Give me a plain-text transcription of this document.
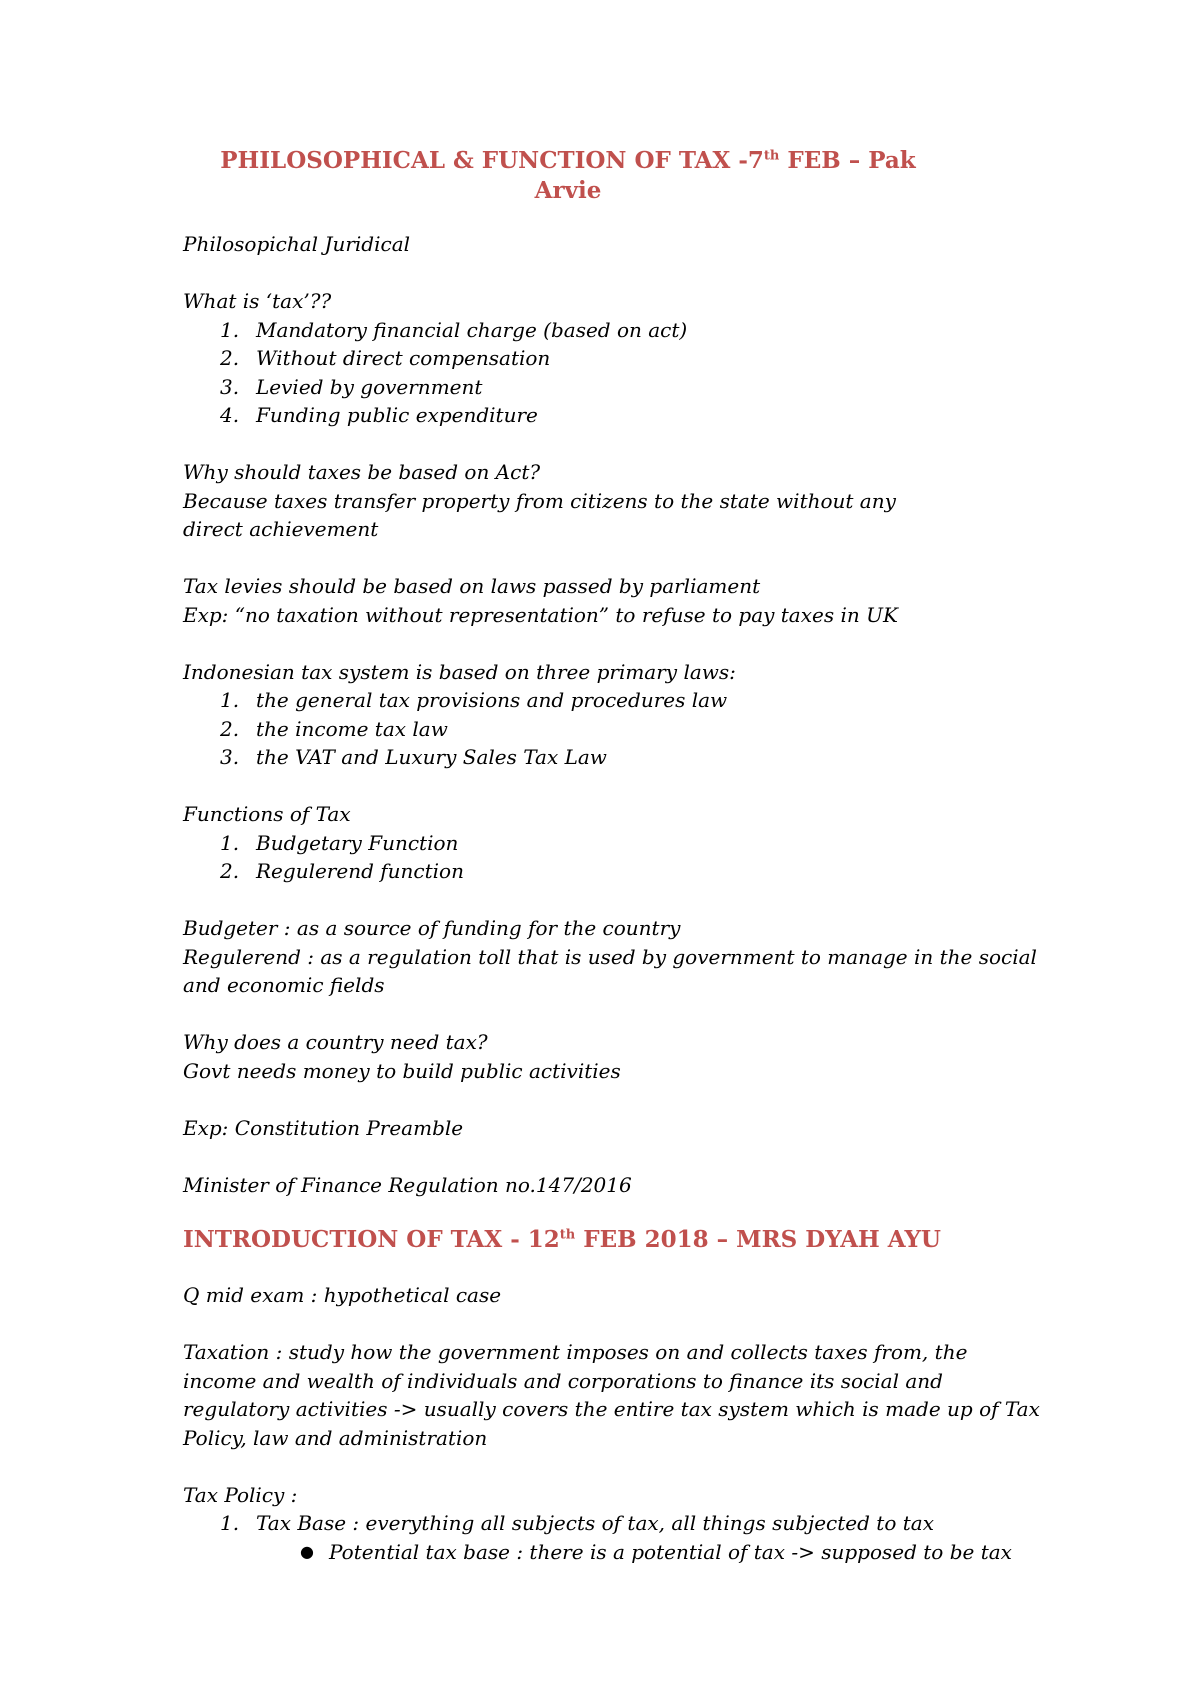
PHILOSOPHICAL & FUNCTION OF TAX -7th FEB – Pak Arvie

Philosopichal Juridical

What is ‘tax’??

1. Mandatory financial charge (based on act)
2. Without direct compensation
3. Levied by government
4. Funding public expenditure

Why should taxes be based on Act?

Because taxes transfer property from citizens to the state without any direct achievement

Tax levies should be based on laws passed by parliament

Exp: “no taxation without representation” to refuse to pay taxes in UK

Indonesian tax system is based on three primary laws:

1. the general tax provisions and procedures law
2. the income tax law
3. the VAT and Luxury Sales Tax Law

Functions of Tax

1. Budgetary Function
2. Regulerend function

Budgeter : as a source of funding for the country

Regulerend : as a regulation toll that is used by government to manage in the social and economic fields

Why does a country need tax?

Govt needs money to build public activities

Exp: Constitution Preamble

Minister of Finance Regulation no.147/2016

INTRODUCTION OF TAX - 12th FEB 2018 – MRS DYAH AYU

Q mid exam : hypothetical case

Taxation : study how the government imposes on and collects taxes from, the income and wealth of individuals and corporations to finance its social and regulatory activities -> usually covers the entire tax system which is made up of Tax Policy, law and administration

Tax Policy :

1. Tax Base : everything all subjects of tax, all things subjected to tax
● Potential tax base : there is a potential of tax -> supposed to be tax
